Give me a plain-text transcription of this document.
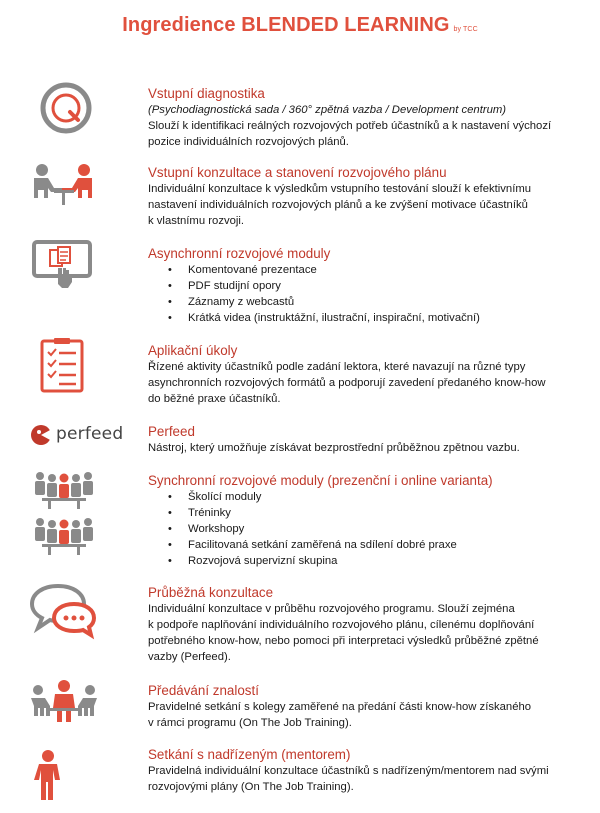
Ingredience BLENDED LEARNING by TCC
perfeed
Vstupní diagnostika
(Psychodiagnostická sada / 360° zpětná vazba / Development centrum)
Slouží k identifikaci reálných rozvojových potřeb účastníků a k nastavení výchozí
pozice individuálních rozvojových plánů.
Vstupní konzultace a stanovení rozvojového plánu
Individuální konzultace k výsledkům vstupního testování slouží k efektivnímu
nastavení individuálních rozvojových plánů a ke zvýšení motivace účastníků
k vlastnímu rozvoji.
Asynchronní rozvojové moduly
• Komentované prezentace
• PDF studijní opory
• Záznamy z webcastů
• Krátká videa (instruktážní, ilustrační, inspirační, motivační)
Aplikační úkoly
Řízené aktivity účastníků podle zadání lektora, které navazují na různé typy
asynchronních rozvojových formátů a podporují zavedení předaného know-how
do běžné praxe účastníků.
Perfeed
Nástroj, který umožňuje získávat bezprostřední průběžnou zpětnou vazbu.
Synchronní rozvojové moduly (prezenční i online varianta)
• Školící moduly
• Tréninky
• Workshopy
• Facilitovaná setkání zaměřená na sdílení dobré praxe
• Rozvojová supervizní skupina
Průběžná konzultace
Individuální konzultace v průběhu rozvojového programu. Slouží zejména
k podpoře naplňování individuálního rozvojového plánu, cílenému doplňování
potřebného know-how, nebo pomoci při interpretaci výsledků průběžné zpětné
vazby (Perfeed).
Předávání znalostí
Pravidelné setkání s kolegy zaměřené na předání části know-how získaného
v rámci programu (On The Job Training).
Setkání s nadřízeným (mentorem)
Pravidelná individuální konzultace účastníků s nadřízeným/mentorem nad svými
rozvojovými plány (On The Job Training).
